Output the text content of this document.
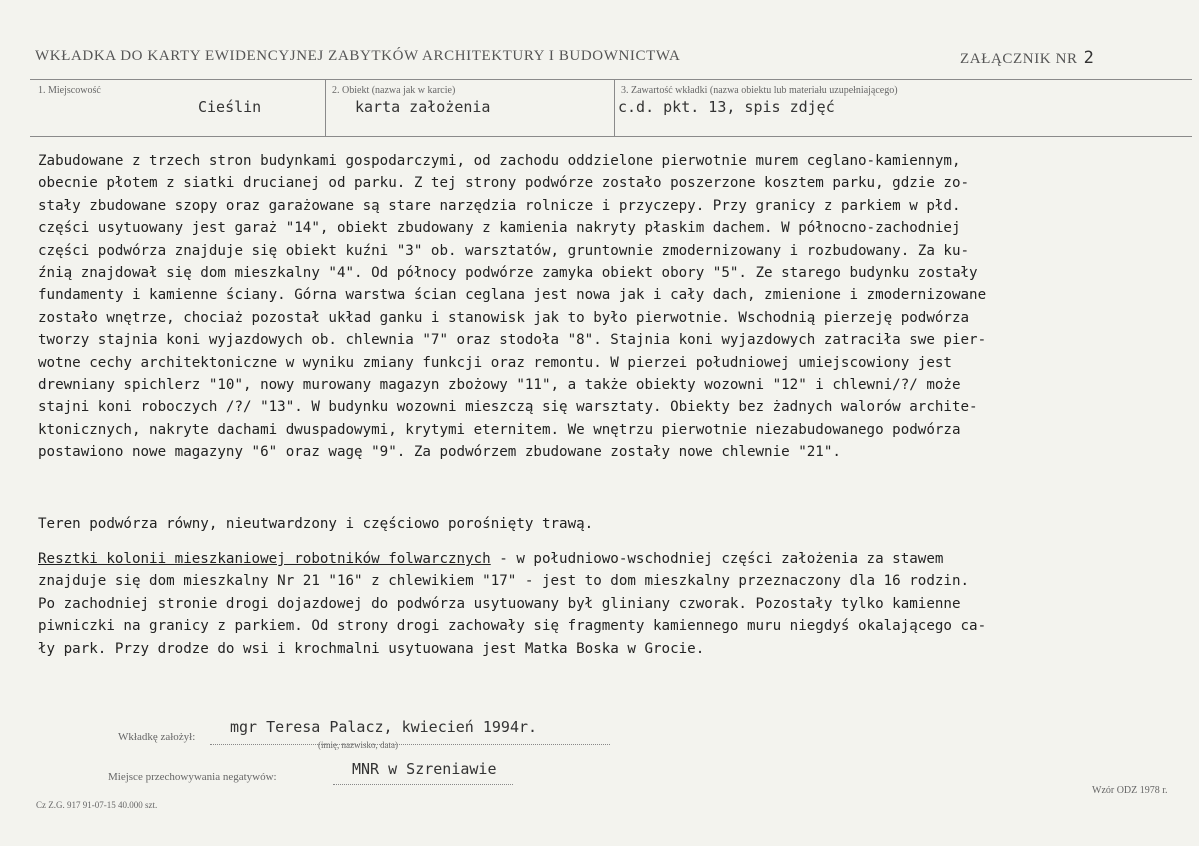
WKŁADKA DO KARTY EWIDENCYJNEJ ZABYTKÓW ARCHITEKTURY I BUDOWNICTWA	ZAŁĄCZNIK NR 2
1. Miejscowość
Cieślin
2. Obiekt (nazwa jak w karcie)
karta założenia
3. Zawartość wkładki (nazwa obiektu lub materiału uzupełniającego)
c.d. pkt. 13, spis zdjęć
Zabudowane z trzech stron budynkami gospodarczymi, od zachodu oddzielone pierwotnie murem ceglano-kamiennym,
obecnie płotem z siatki drucianej od parku. Z tej strony podwórze zostało poszerzone kosztem parku, gdzie zo-
stały zbudowane szopy oraz garażowane są stare narzędzia rolnicze i przyczepy. Przy granicy z parkiem w płd.
części usytuowany jest garaż "14", obiekt zbudowany z kamienia nakryty płaskim dachem. W północno-zachodniej
części podwórza znajduje się obiekt kuźni "3" ob. warsztatów, gruntownie zmodernizowany i rozbudowany. Za ku-
źnią znajdował się dom mieszkalny "4". Od północy podwórze zamyka obiekt obory "5". Ze starego budynku zostały
fundamenty i kamienne ściany. Górna warstwa ścian ceglana jest nowa jak i cały dach, zmienione i zmodernizowane
zostało wnętrze, chociaż pozostał układ ganku i stanowisk jak to było pierwotnie. Wschodnią pierzeję podwórza
tworzy stajnia koni wyjazdowych ob. chlewnia "7" oraz stodoła "8". Stajnia koni wyjazdowych zatraciła swe pier-
wotne cechy architektoniczne w wyniku zmiany funkcji oraz remontu. W pierzei południowej umiejscowiony jest
drewniany spichlerz "10", nowy murowany magazyn zbożowy "11", a także obiekty wozowni "12" i chlewni/?/ może
stajni koni roboczych /?/ "13". W budynku wozowni mieszczą się warsztaty. Obiekty bez żadnych walorów archite-
ktonicznych, nakryte dachami dwuspadowymi, krytymi eternitem. We wnętrzu pierwotnie niezabudowanego podwórza
postawiono nowe magazyny "6" oraz wagę "9". Za podwórzem zbudowane zostały nowe chlewnie "21".
Teren podwórza równy, nieutwardzony i częściowo porośnięty trawą.
Resztki kolonii mieszkaniowej robotników folwarcznych - w południowo-wschodniej części założenia za stawem
znajduje się dom mieszkalny Nr 21 "16" z chlewikiem "17" - jest to dom mieszkalny przeznaczony dla 16 rodzin.
Po zachodniej stronie drogi dojazdowej do podwórza usytuowany był gliniany czworak. Pozostały tylko kamienne
piwniczki na granicy z parkiem. Od strony drogi zachowały się fragmenty kamiennego muru niegdyś okalającego ca-
ły park. Przy drodze do wsi i krochmalni usytuowana jest Matka Boska w Grocie.
Wkładkę założył:
mgr Teresa Palacz, kwiecień 1994r.
(imię, nazwisko, data)
Miejsce przechowywania negatywów:	MNR w Szreniawie
Cz Z.G. 917 91-07-15 40.000 szt.
Wzór ODZ 1978 r.
